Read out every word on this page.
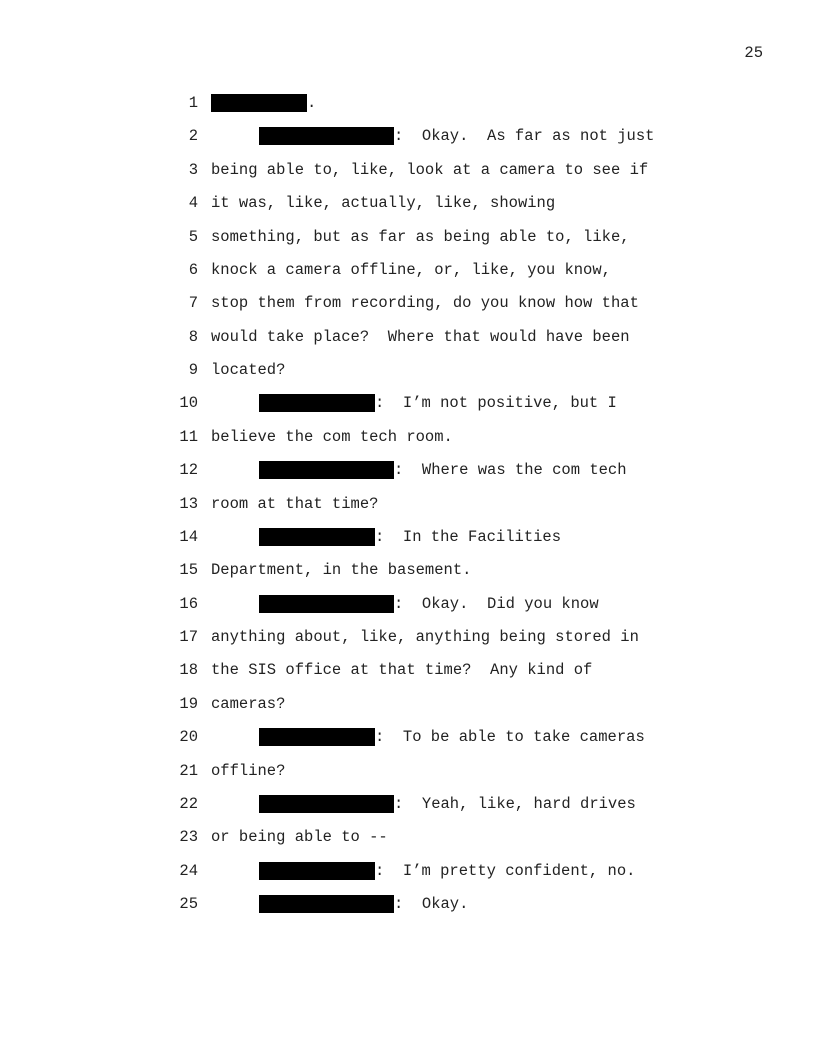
25
1	.
2	:  Okay.  As far as not just
3 being able to, like, look at a camera to see if
4 it was, like, actually, like, showing
5 something, but as far as being able to, like,
6 knock a camera offline, or, like, you know,
7 stop them from recording, do you know how that
8 would take place?  Where that would have been
9 located?
10	:  I’m not positive, but I
11 believe the com tech room.
12	:  Where was the com tech
13 room at that time?
14	:  In the Facilities
15 Department, in the basement.
16	:  Okay.  Did you know
17 anything about, like, anything being stored in
18 the SIS office at that time?  Any kind of
19 cameras?
20	:  To be able to take cameras
21 offline?
22	:  Yeah, like, hard drives
23 or being able to --
24	:  I’m pretty confident, no.
25	:  Okay.
